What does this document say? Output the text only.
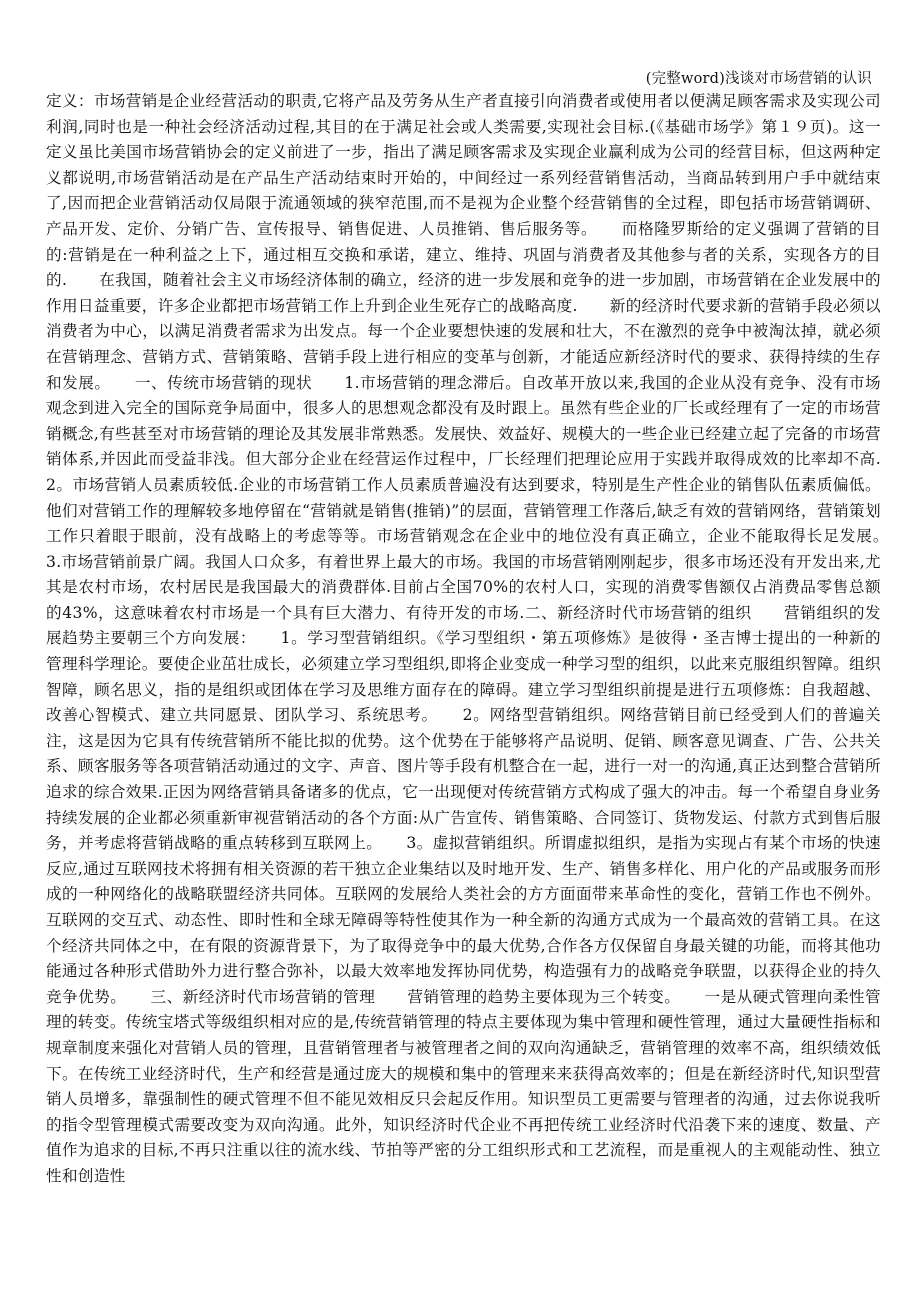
(完整word)浅谈对市场营销的认识

定义：市场营销是企业经营活动的职责,它将产品及劳务从生产者直接引向消费者或使用者以便满足顾客需求及实现公司利润,同时也是一种社会经济活动过程,其目的在于满足社会或人类需要,实现社会目标.(《基础市场学》第１９页)。这一定义虽比美国市场营销协会的定义前进了一步，指出了满足顾客需求及实现企业赢利成为公司的经营目标，但这两种定义都说明,市场营销活动是在产品生产活动结束时开始的，中间经过一系列经营销售活动，当商品转到用户手中就结束了,因而把企业营销活动仅局限于流通领域的狭窄范围,而不是视为企业整个经营销售的全过程，即包括市场营销调研、产品开发、定价、分销广告、宣传报导、销售促进、人员推销、售后服务等。　　而格隆罗斯给的定义强调了营销的目的:营销是在一种利益之上下，通过相互交换和承诺，建立、维持、巩固与消费者及其他参与者的关系，实现各方的目的.　　在我国，随着社会主义市场经济体制的确立，经济的进一步发展和竞争的进一步加剧，市场营销在企业发展中的作用日益重要，许多企业都把市场营销工作上升到企业生死存亡的战略高度.　　新的经济时代要求新的营销手段必须以消费者为中心，以满足消费者需求为出发点。每一个企业要想快速的发展和壮大，不在激烈的竞争中被淘汰掉，就必须在营销理念、营销方式、营销策略、营销手段上进行相应的变革与创新，才能适应新经济时代的要求、获得持续的生存和发展。　　一、传统市场营销的现状　　1.市场营销的理念滞后。自改革开放以来,我国的企业从没有竞争、没有市场观念到进入完全的国际竞争局面中，很多人的思想观念都没有及时跟上。虽然有些企业的厂长或经理有了一定的市场营销概念,有些甚至对市场营销的理论及其发展非常熟悉。发展快、效益好、规模大的一些企业已经建立起了完备的市场营销体系,并因此而受益非浅。但大部分企业在经营运作过程中，厂长经理们把理论应用于实践并取得成效的比率却不高.　　2。市场营销人员素质较低.企业的市场营销工作人员素质普遍没有达到要求，特别是生产性企业的销售队伍素质偏低。他们对营销工作的理解较多地停留在“营销就是销售(推销)”的层面，营销管理工作落后,缺乏有效的营销网络，营销策划工作只着眼于眼前，没有战略上的考虑等等。市场营销观念在企业中的地位没有真正确立，企业不能取得长足发展。　　3.市场营销前景广阔。我国人口众多，有着世界上最大的市场。我国的市场营销刚刚起步，很多市场还没有开发出来,尤其是农村市场，农村居民是我国最大的消费群体.目前占全国70%的农村人口，实现的消费零售额仅占消费品零售总额的43%，这意味着农村市场是一个具有巨大潜力、有待开发的市场.二、新经济时代市场营销的组织　　营销组织的发展趋势主要朝三个方向发展：　　1。学习型营销组织。《学习型组织・第五项修炼》是彼得・圣吉博士提出的一种新的管理科学理论。要使企业茁壮成长，必须建立学习型组织,即将企业变成一种学习型的组织，以此来克服组织智障。组织智障，顾名思义，指的是组织或团体在学习及思维方面存在的障碍。建立学习型组织前提是进行五项修炼：自我超越、改善心智模式、建立共同愿景、团队学习、系统思考。　　2。网络型营销组织。网络营销目前已经受到人们的普遍关注，这是因为它具有传统营销所不能比拟的优势。这个优势在于能够将产品说明、促销、顾客意见调查、广告、公共关系、顾客服务等各项营销活动通过的文字、声音、图片等手段有机整合在一起，进行一对一的沟通,真正达到整合营销所追求的综合效果.正因为网络营销具备诸多的优点，它一出现便对传统营销方式构成了强大的冲击。每一个希望自身业务持续发展的企业都必须重新审视营销活动的各个方面:从广告宣传、销售策略、合同签订、货物发运、付款方式到售后服务，并考虑将营销战略的重点转移到互联网上。　　3。虚拟营销组织。所谓虚拟组织，是指为实现占有某个市场的快速反应,通过互联网技术将拥有相关资源的若干独立企业集结以及时地开发、生产、销售多样化、用户化的产品或服务而形成的一种网络化的战略联盟经济共同体。互联网的发展给人类社会的方方面面带来革命性的变化，营销工作也不例外。互联网的交互式、动态性、即时性和全球无障碍等特性使其作为一种全新的沟通方式成为一个最高效的营销工具。在这个经济共同体之中，在有限的资源背景下，为了取得竞争中的最大优势,合作各方仅保留自身最关键的功能，而将其他功能通过各种形式借助外力进行整合弥补，以最大效率地发挥协同优势，构造强有力的战略竞争联盟，以获得企业的持久竞争优势。　　三、新经济时代市场营销的管理　　营销管理的趋势主要体现为三个转变。　　一是从硬式管理向柔性管理的转变。传统宝塔式等级组织相对应的是,传统营销管理的特点主要体现为集中管理和硬性管理，通过大量硬性指标和规章制度来强化对营销人员的管理，且营销管理者与被管理者之间的双向沟通缺乏，营销管理的效率不高，组织绩效低下。在传统工业经济时代，生产和经营是通过庞大的规模和集中的管理来来获得高效率的；但是在新经济时代,知识型营销人员增多，靠强制性的硬式管理不但不能见效相反只会起反作用。知识型员工更需要与管理者的沟通，过去你说我听的指令型管理模式需要改变为双向沟通。此外，知识经济时代企业不再把传统工业经济时代沿袭下来的速度、数量、产值作为追求的目标,不再只注重以往的流水线、节拍等严密的分工组织形式和工艺流程，而是重视人的主观能动性、独立性和创造性
